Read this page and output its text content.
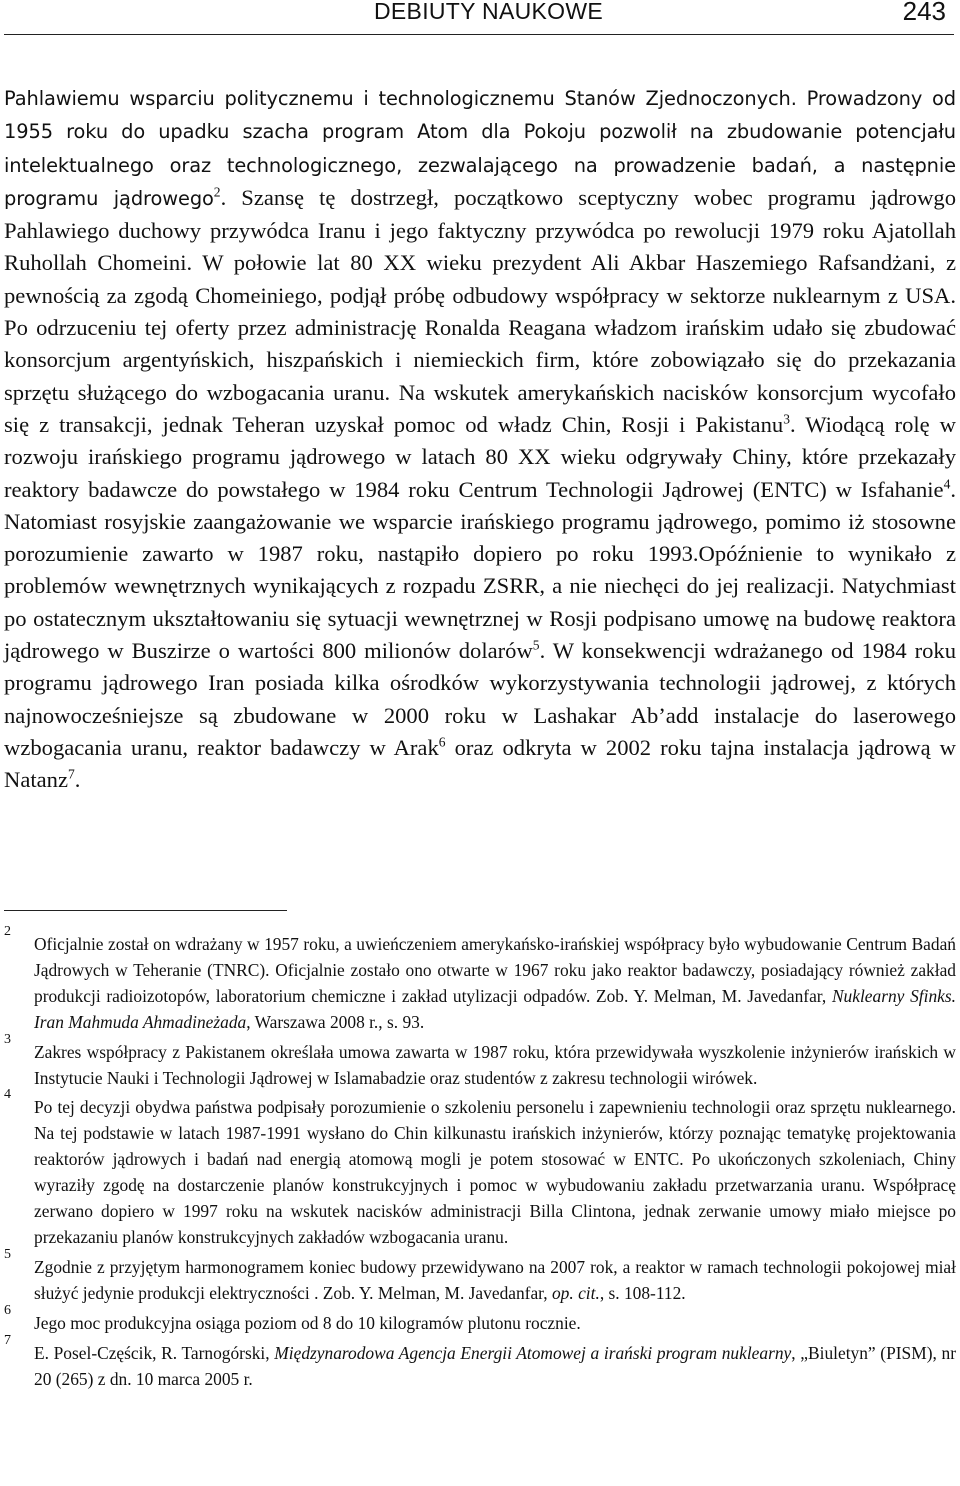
DEBIUTY NAUKOWE	243

Pahlawiemu wsparciu politycznemu i technologicznemu Stanów Zjednoczonych. Prowadzony od 1955 roku do upadku szacha program Atom dla Pokoju pozwolił na zbudowanie potencjału intelektualnego oraz technologicznego, zezwalającego na prowadzenie badań, a następnie programu jądrowego$^2$. Szansę tę dostrzegł, początkowo sceptyczny wobec programu jądrowgo Pahlawiego duchowy przywódca Iranu i jego faktyczny przywódca po rewolucji 1979 roku Ajatollah Ruhollah Chomeini. W połowie lat 80 XX wieku prezydent Ali Akbar Haszemiego Rafsandżani, z pewnością za zgodą Chomeiniego, podjął próbę odbudowy współpracy w sektorze nuklearnym z USA. Po odrzuceniu tej oferty przez administrację Ronalda Reagana władzom irańskim udało się zbudować konsorcjum argentyńskich, hiszpańskich i niemieckich firm, które zobowiązało się do przekazania sprzętu służącego do wzbogacania uranu. Na wskutek amerykańskich nacisków konsorcjum wycofało się z transakcji, jednak Teheran uzyskał pomoc od władz Chin, Rosji i Pakistanu$^3$. Wiodącą rolę w rozwoju irańskiego programu jądrowego w latach 80 XX wieku odgrywały Chiny, które przekazały reaktory badawcze do powstałego w 1984 roku Centrum Technologii Jądrowej (ENTC) w Isfahanie$^4$. Natomiast rosyjskie zaangażowanie we wsparcie irańskiego programu jądrowego, pomimo iż stosowne porozumienie zawarto w 1987 roku, nastąpiło dopiero po roku 1993.Opóźnienie to wynikało z problemów wewnętrznych wynikających z rozpadu ZSRR, a nie niechęci do jej realizacji. Natychmiast po ostatecznym ukształtowaniu się sytuacji wewnętrznej w Rosji podpisano umowę na budowę reaktora jądrowego w Buszirze o wartości 800 milionów dolarów$^5$. W konsekwencji wdrażanego od 1984 roku programu jądrowego Iran posiada kilka ośrodków wykorzystywania technologii jądrowej, z których najnowocześniejsze są zbudowane w 2000 roku w Lashakar Ab’add instalacje do laserowego wzbogacania uranu, reaktor badawczy w Arak$^6$ oraz odkryta w 2002 roku tajna instalacja jądrową w Natanz$^7$.

2

Oficjalnie został on wdrażany w 1957 roku, a uwieńczeniem amerykańsko-irańskiej współpracy było wybudowanie Centrum Badań Jądrowych w Teheranie (TNRC). Oficjalnie zostało ono otwarte w 1967 roku jako reaktor badawczy, posiadający również zakład produkcji radioizotopów, laboratorium chemiczne i zakład utylizacji odpadów. Zob. Y. Melman, M. Javedanfar, Nuklearny Sfinks. Iran Mahmuda Ahmadineżada, Warszawa 2008 r., s. 93.

3

Zakres współpracy z Pakistanem określała umowa zawarta w 1987 roku, która przewidywała wyszkolenie inżynierów irańskich w Instytucie Nauki i Technologii Jądrowej w Islamabadzie oraz studentów z zakresu technologii wirówek.

4

Po tej decyzji obydwa państwa podpisały porozumienie o szkoleniu personelu i zapewnieniu technologii oraz sprzętu nuklearnego. Na tej podstawie w latach 1987-1991 wysłano do Chin kilkunastu irańskich inżynierów, którzy poznając tematykę projektowania reaktorów jądrowych i badań nad energią atomową mogli je potem stosować w ENTC. Po ukończonych szkoleniach, Chiny wyraziły zgodę na dostarczenie planów konstrukcyjnych i pomoc w wybudowaniu zakładu przetwarzania uranu. Współpracę zerwano dopiero w 1997 roku na wskutek nacisków administracji Billa Clintona, jednak zerwanie umowy miało miejsce po przekazaniu planów konstrukcyjnych zakładów wzbogacania uranu.

5

Zgodnie z przyjętym harmonogramem koniec budowy przewidywano na 2007 rok, a reaktor w ramach technologii pokojowej miał służyć jedynie produkcji elektryczności . Zob. Y. Melman, M. Javedanfar, op. cit., s. 108-112.

6

Jego moc produkcyjna osiąga poziom od 8 do 10 kilogramów plutonu rocznie.

7

E. Posel-Częścik, R. Tarnogórski, Międzynarodowa Agencja Energii Atomowej a irański program nuklearny, „Biuletyn” (PISM), nr 20 (265) z dn. 10 marca 2005 r.
